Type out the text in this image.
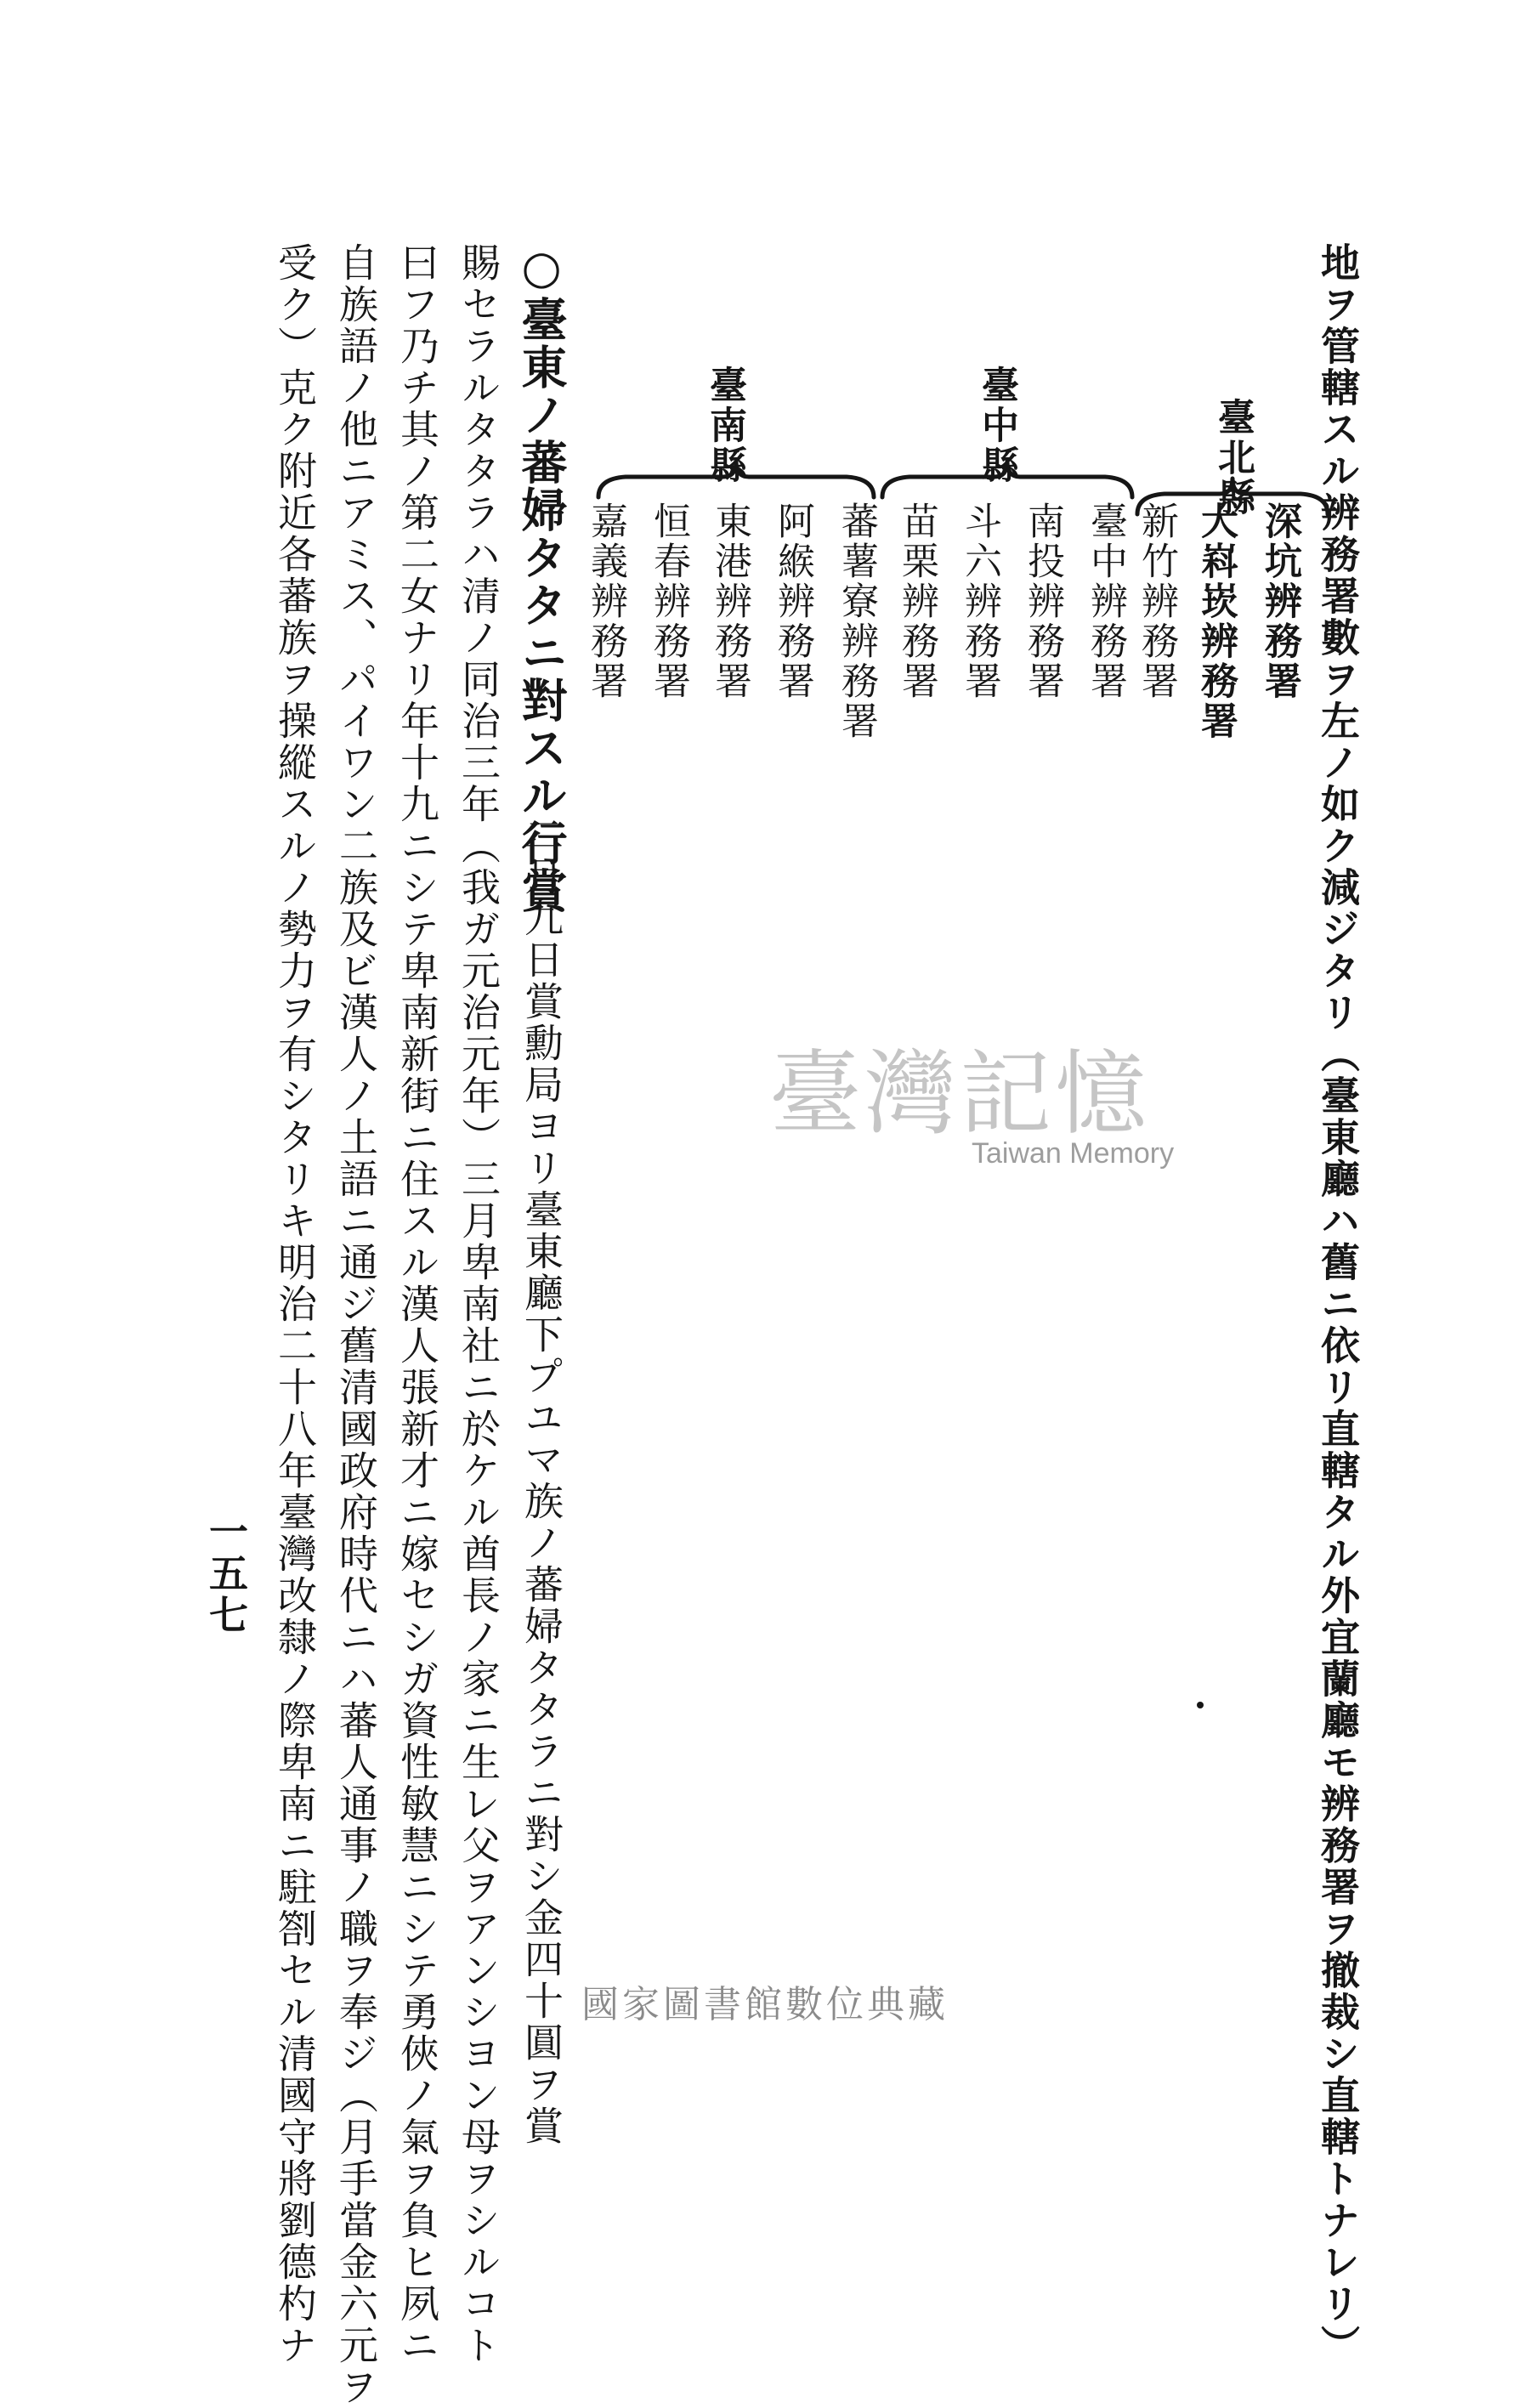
地ヲ管轄スル辨務署數ヲ左ノ如ク減ジタリ（臺東廳ハ舊ニ依リ直轄タル外宜蘭廳モ辨務署ヲ撤裁シ直轄トナレリ）
臺北縣
深坑辨務署
大嵙崁辨務署
新竹辨務署
臺中縣
臺中辨務署
南投辨務署
斗六辨務署
苗栗辨務署
臺南縣
蕃薯寮辨務署
阿緱辨務署
東港辨務署
恒春辨務署
嘉義辨務署
○臺東ノ蕃婦タタニ對スル行賞
二月九日賞勳局ヨリ臺東廳下プユマ族ノ蕃婦タタラニ對シ金四十圓ヲ賞
賜セラルタタラハ清ノ同治三年（我ガ元治元年）三月卑南社ニ於ケル酋長ノ家ニ生レ父ヲアンシヨン母ヲシルコト
曰フ乃チ其ノ第二女ナリ年十九ニシテ卑南新街ニ住スル漢人張新才ニ嫁セシガ資性敏慧ニシテ勇俠ノ氣ヲ負ヒ夙ニ
自族語ノ他ニアミス、パイワン二族及ビ漢人ノ土語ニ通ジ舊清國政府時代ニハ蕃人通事ノ職ヲ奉ジ（月手當金六元ヲ
受ク）克ク附近各蕃族ヲ操縱スルノ勢力ヲ有シタリキ明治二十八年臺灣改隸ノ際卑南ニ駐劄セル清國守將劉德杓ナ
一五七
臺灣記憶
Taiwan Memory
國家圖書館數位典藏
